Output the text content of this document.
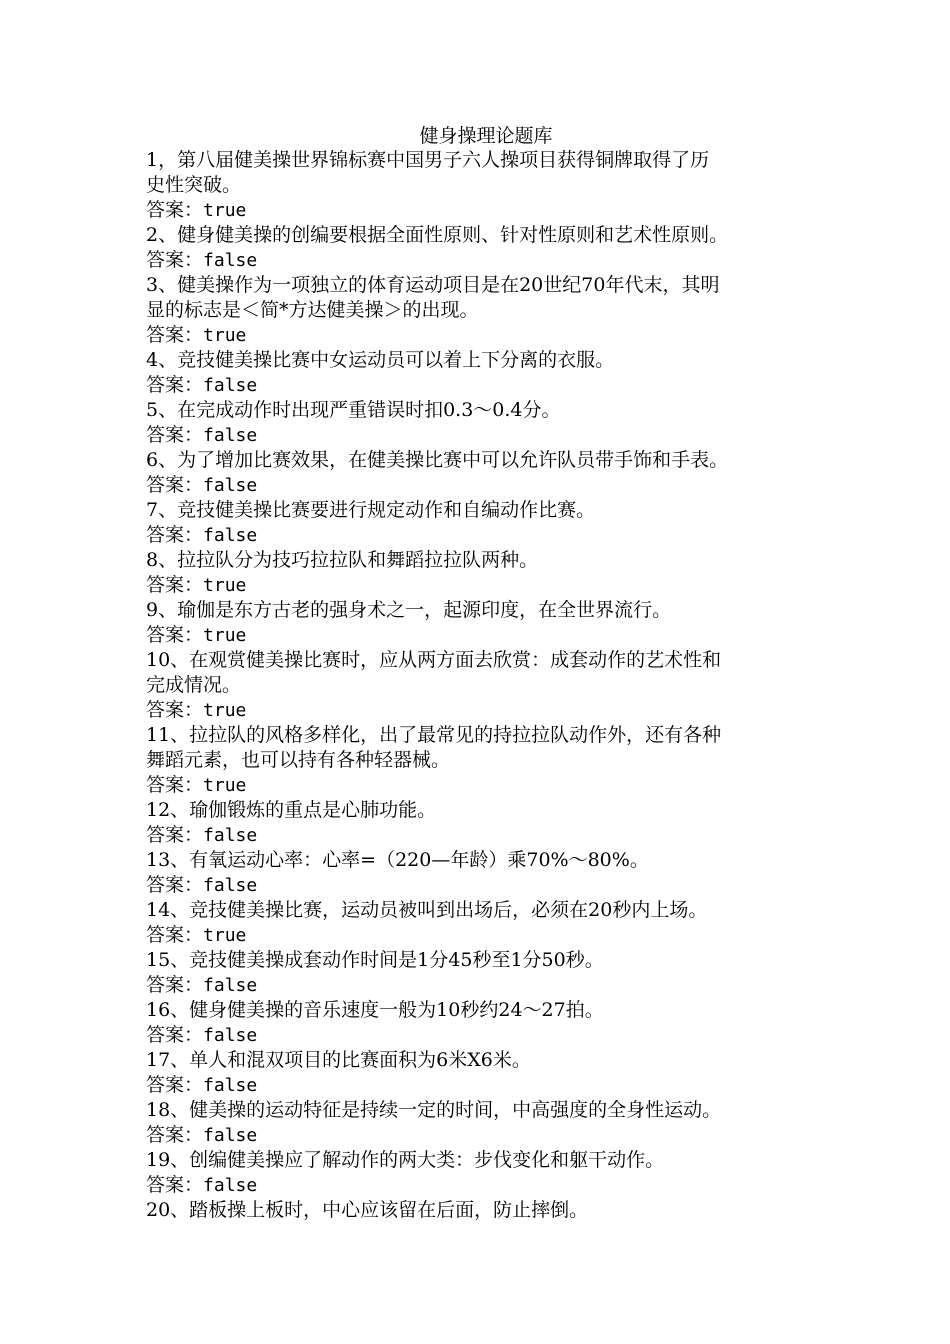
健身操理论题库

1，第八届健美操世界锦标赛中国男子六人操项目获得铜牌取得了历
史性突破。

答案：true

2、健身健美操的创编要根据全面性原则、针对性原则和艺术性原则。

答案：false

3、健美操作为一项独立的体育运动项目是在20世纪70年代末，其明
显的标志是＜简*方达健美操＞的出现。

答案：true

4、竞技健美操比赛中女运动员可以着上下分离的衣服。

答案：false

5、在完成动作时出现严重错误时扣0.3～0.4分。

答案：false

6、为了增加比赛效果，在健美操比赛中可以允许队员带手饰和手表。

答案：false

7、竞技健美操比赛要进行规定动作和自编动作比赛。

答案：false

8、拉拉队分为技巧拉拉队和舞蹈拉拉队两种。

答案：true

9、瑜伽是东方古老的强身术之一，起源印度，在全世界流行。

答案：true

10、在观赏健美操比赛时，应从两方面去欣赏：成套动作的艺术性和
完成情况。

答案：true

11、拉拉队的风格多样化，出了最常见的持拉拉队动作外，还有各种
舞蹈元素，也可以持有各种轻器械。

答案：true

12、瑜伽锻炼的重点是心肺功能。

答案：false

13、有氧运动心率：心率=（220—年龄）乘70%～80%。

答案：false

14、竞技健美操比赛，运动员被叫到出场后，必须在20秒内上场。

答案：true

15、竞技健美操成套动作时间是1分45秒至1分50秒。

答案：false

16、健身健美操的音乐速度一般为10秒约24～27拍。

答案：false

17、单人和混双项目的比赛面积为6米X6米。

答案：false

18、健美操的运动特征是持续一定的时间，中高强度的全身性运动。

答案：false

19、创编健美操应了解动作的两大类：步伐变化和躯干动作。

答案：false

20、踏板操上板时，中心应该留在后面，防止摔倒。
